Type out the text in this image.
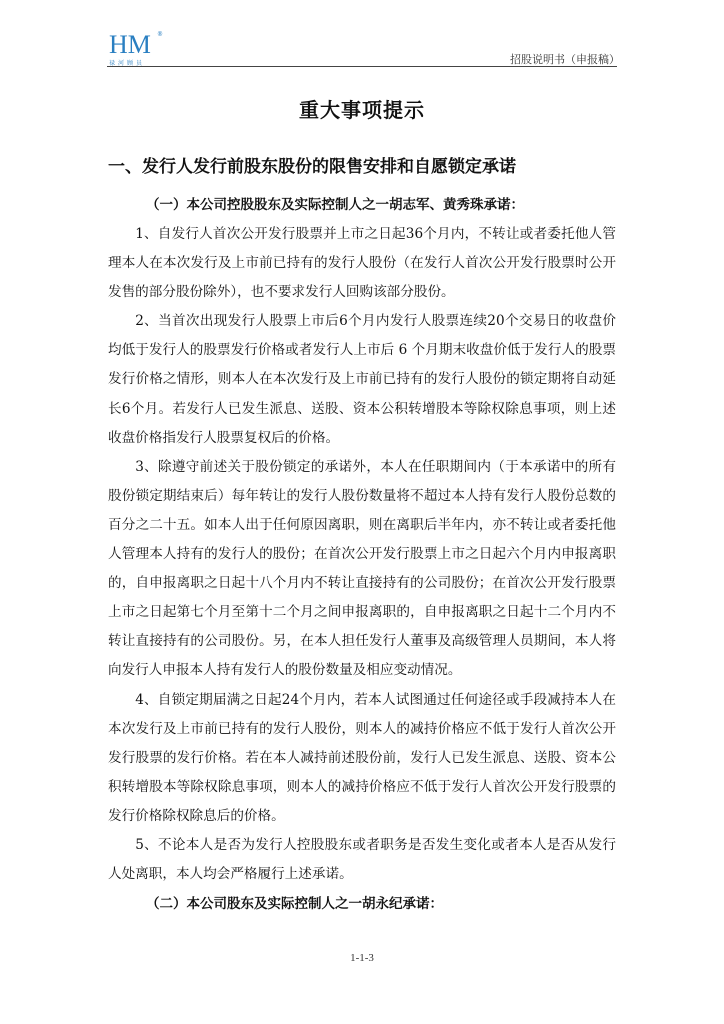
HM	®
禄河顾员	招股说明书（申报稿）
重大事项提示
一、发行人发行前股东股份的限售安排和自愿锁定承诺
（一）本公司控股股东及实际控制人之一胡志军、黄秀珠承诺：

1、自发行人首次公开发行股票并上市之日起36个月内，不转让或者委托他人管理本人在本次发行及上市前已持有的发行人股份（在发行人首次公开发行股票时公开发售的部分股份除外），也不要求发行人回购该部分股份。

2、当首次出现发行人股票上市后6个月内发行人股票连续20个交易日的收盘价均低于发行人的股票发行价格或者发行人上市后 6 个月期末收盘价低于发行人的股票发行价格之情形，则本人在本次发行及上市前已持有的发行人股份的锁定期将自动延长6个月。若发行人已发生派息、送股、资本公积转增股本等除权除息事项，则上述收盘价格指发行人股票复权后的价格。

3、除遵守前述关于股份锁定的承诺外，本人在任职期间内（于本承诺中的所有股份锁定期结束后）每年转让的发行人股份数量将不超过本人持有发行人股份总数的百分之二十五。如本人出于任何原因离职，则在离职后半年内，亦不转让或者委托他人管理本人持有的发行人的股份；在首次公开发行股票上市之日起六个月内申报离职的，自申报离职之日起十八个月内不转让直接持有的公司股份；在首次公开发行股票上市之日起第七个月至第十二个月之间申报离职的，自申报离职之日起十二个月内不转让直接持有的公司股份。另，在本人担任发行人董事及高级管理人员期间，本人将向发行人申报本人持有发行人的股份数量及相应变动情况。

4、自锁定期届满之日起24个月内，若本人试图通过任何途径或手段减持本人在本次发行及上市前已持有的发行人股份，则本人的减持价格应不低于发行人首次公开发行股票的发行价格。若在本人减持前述股份前，发行人已发生派息、送股、资本公积转增股本等除权除息事项，则本人的减持价格应不低于发行人首次公开发行股票的发行价格除权除息后的价格。

5、不论本人是否为发行人控股股东或者职务是否发生变化或者本人是否从发行人处离职，本人均会严格履行上述承诺。

（二）本公司股东及实际控制人之一胡永纪承诺：
1-1-3
